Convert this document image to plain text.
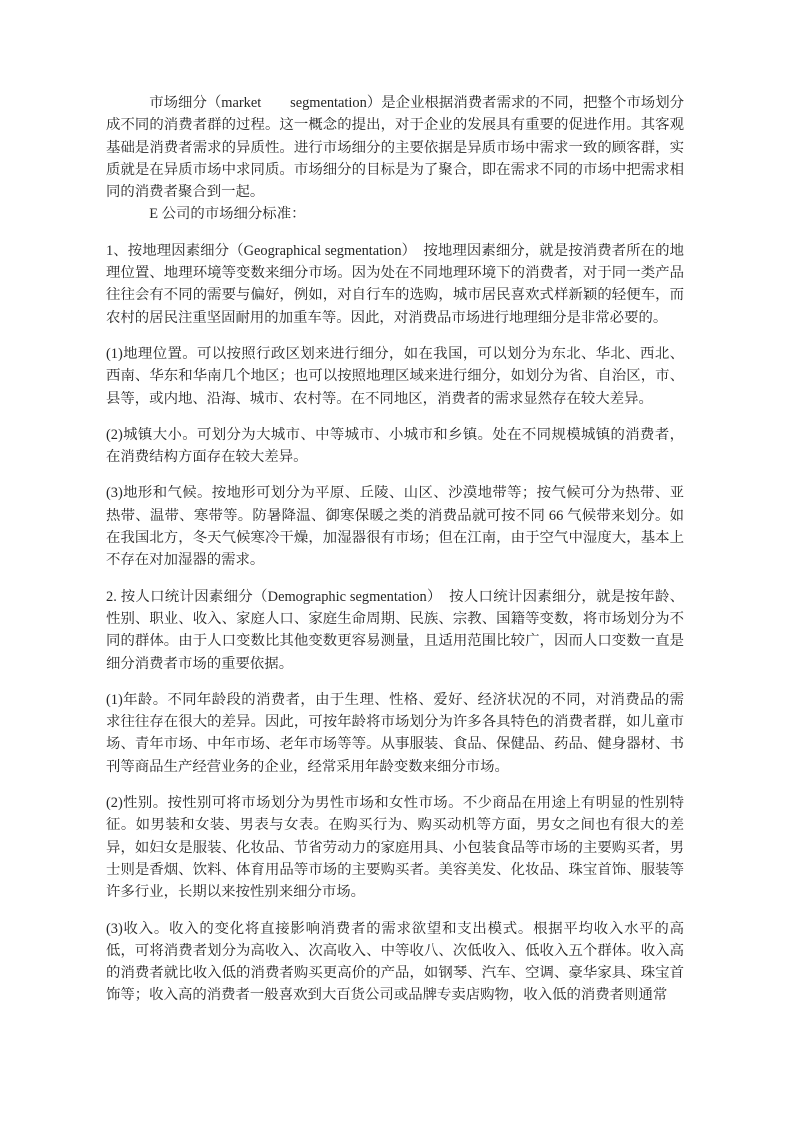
市场细分（market　　segmentation）是企业根据消费者需求的不同，把整个市场划分成不同的消费者群的过程。这一概念的提出，对于企业的发展具有重要的促进作用。其客观基础是消费者需求的异质性。进行市场细分的主要依据是异质市场中需求一致的顾客群，实质就是在异质市场中求同质。市场细分的目标是为了聚合，即在需求不同的市场中把需求相同的消费者聚合到一起。

E 公司的市场细分标准：

1、按地理因素细分（Geographical segmentation）　按地理因素细分，就是按消费者所在的地理位置、地理环境等变数来细分市场。因为处在不同地理环境下的消费者，对于同一类产品往往会有不同的需要与偏好，例如，对自行车的选购，城市居民喜欢式样新颖的轻便车，而农村的居民注重坚固耐用的加重车等。因此，对消费品市场进行地理细分是非常必要的。

(1)地理位置。可以按照行政区划来进行细分，如在我国，可以划分为东北、华北、西北、西南、华东和华南几个地区；也可以按照地理区域来进行细分，如划分为省、自治区，市、县等，或内地、沿海、城市、农村等。在不同地区，消费者的需求显然存在较大差异。

(2)城镇大小。可划分为大城市、中等城市、小城市和乡镇。处在不同规模城镇的消费者，在消费结构方面存在较大差异。

(3)地形和气候。按地形可划分为平原、丘陵、山区、沙漠地带等；按气候可分为热带、亚热带、温带、寒带等。防暑降温、御寒保暖之类的消费品就可按不同 66 气候带来划分。如在我国北方，冬天气候寒冷干燥，加湿器很有市场；但在江南，由于空气中湿度大，基本上不存在对加湿器的需求。

2. 按人口统计因素细分（Demographic segmentation）　按人口统计因素细分，就是按年龄、性别、职业、收入、家庭人口、家庭生命周期、民族、宗教、国籍等变数，将市场划分为不同的群体。由于人口变数比其他变数更容易测量，且适用范围比较广，因而人口变数一直是细分消费者市场的重要依据。

(1)年龄。不同年龄段的消费者，由于生理、性格、爱好、经济状况的不同，对消费品的需求往往存在很大的差异。因此，可按年龄将市场划分为许多各具特色的消费者群，如儿童市场、青年市场、中年市场、老年市场等等。从事服装、食品、保健品、药品、健身器材、书刊等商品生产经营业务的企业，经常采用年龄变数来细分市场。

(2)性别。按性别可将市场划分为男性市场和女性市场。不少商品在用途上有明显的性别特征。如男装和女装、男表与女表。在购买行为、购买动机等方面，男女之间也有很大的差异，如妇女是服装、化妆品、节省劳动力的家庭用具、小包装食品等市场的主要购买者，男士则是香烟、饮料、体育用品等市场的主要购买者。美容美发、化妆品、珠宝首饰、服装等许多行业，长期以来按性别来细分市场。

(3)收入。收入的变化将直接影响消费者的需求欲望和支出模式。根据平均收入水平的高低，可将消费者划分为高收入、次高收入、中等收八、次低收入、低收入五个群体。收入高的消费者就比收入低的消费者购买更高价的产品，如钢琴、汽车、空调、豪华家具、珠宝首饰等；收入高的消费者一般喜欢到大百货公司或品牌专卖店购物，收入低的消费者则通常
